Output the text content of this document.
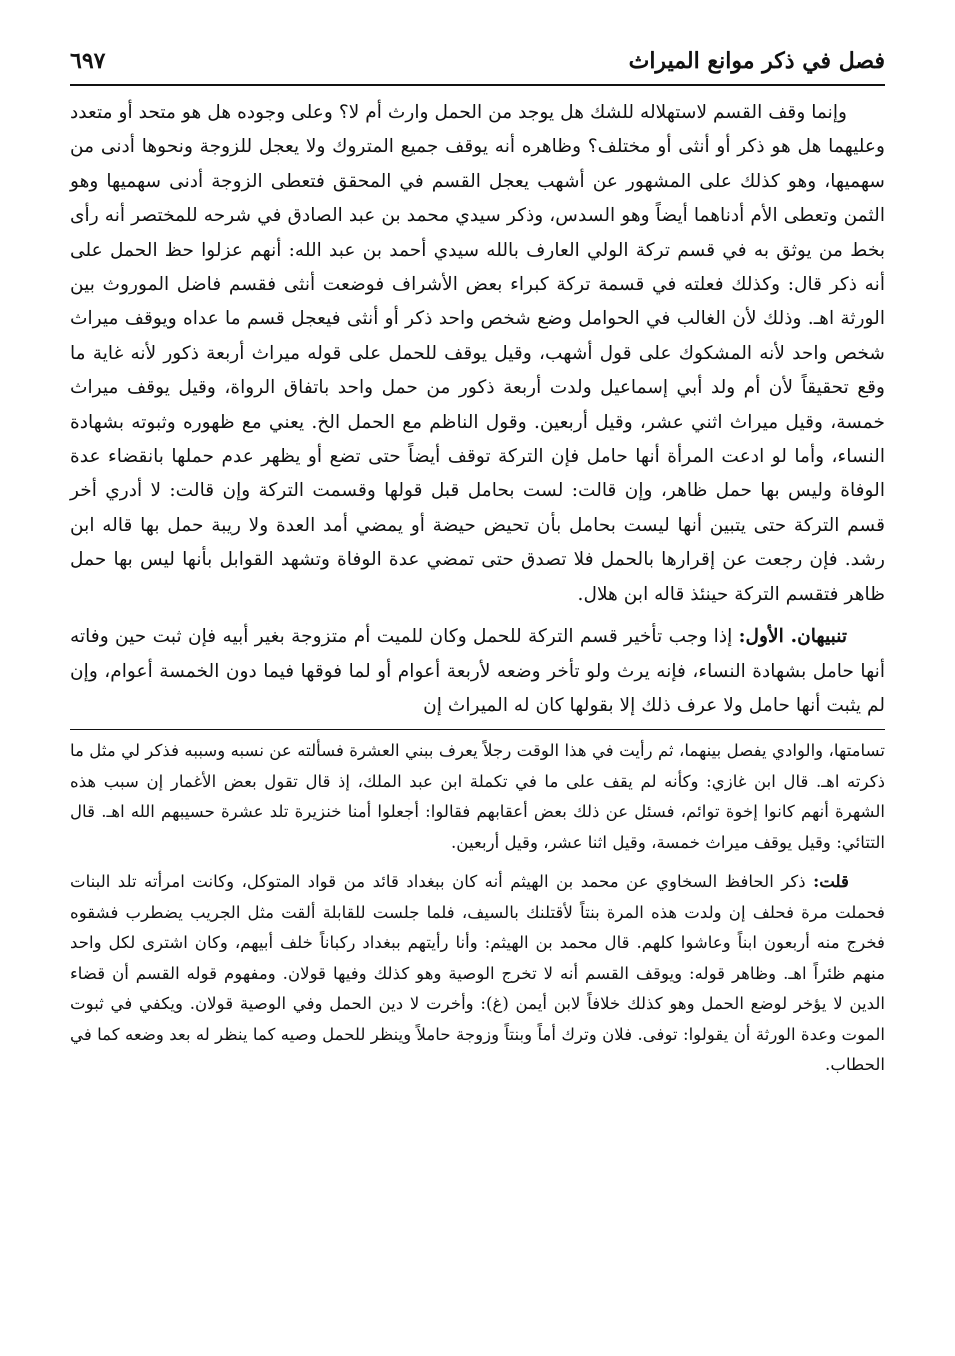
فصل في ذكر موانع الميراث
٦٩٧

وإنما وقف القسم لاستهلاله للشك هل يوجد من الحمل وارث أم لا؟ وعلى وجوده هل هو متحد أو متعدد وعليهما هل هو ذكر أو أنثى أو مختلف؟ وظاهره أنه يوقف جميع المتروك ولا يعجل للزوجة ونحوها أدنى من سهميها، وهو كذلك على المشهور عن أشهب يعجل القسم في المحقق فتعطى الزوجة أدنى سهميها وهو الثمن وتعطى الأم أدناهما أيضاً وهو السدس، وذكر سيدي محمد بن عبد الصادق في شرحه للمختصر أنه رأى بخط من يوثق به في قسم تركة الولي العارف بالله سيدي أحمد بن عبد الله: أنهم عزلوا حظ الحمل على أنه ذكر قال: وكذلك فعلته في قسمة تركة كبراء بعض الأشراف فوضعت أنثى فقسم فاضل الموروث بين الورثة اهـ. وذلك لأن الغالب في الحوامل وضع شخص واحد ذكر أو أنثى فيعجل قسم ما عداه ويوقف ميراث شخص واحد لأنه المشكوك على قول أشهب، وقيل يوقف للحمل على قوله ميراث أربعة ذكور لأنه غاية ما وقع تحقيقاً لأن أم ولد أبي إسماعيل ولدت أربعة ذكور من حمل واحد باتفاق الرواة، وقيل يوقف ميراث خمسة، وقيل ميراث اثني عشر، وقيل أربعين. وقول الناظم مع الحمل الخ. يعني مع ظهوره وثبوته بشهادة النساء، وأما لو ادعت المرأة أنها حامل فإن التركة توقف أيضاً حتى تضع أو يظهر عدم حملها بانقضاء عدة الوفاة وليس بها حمل ظاهر، وإن قالت: لست بحامل قبل قولها وقسمت التركة وإن قالت: لا أدري أخر قسم التركة حتى يتبين أنها ليست بحامل بأن تحيض حيضة أو يمضي أمد العدة ولا ريبة حمل بها قاله ابن رشد. فإن رجعت عن إقرارها بالحمل فلا تصدق حتى تمضي عدة الوفاة وتشهد القوابل بأنها ليس بها حمل ظاهر فتقسم التركة حينئذ قاله ابن هلال.

تنبيهان. الأول: إذا وجب تأخير قسم التركة للحمل وكان للميت أم متزوجة بغير أبيه فإن ثبت حين وفاته أنها حامل بشهادة النساء، فإنه يرث ولو تأخر وضعه لأربعة أعوام أو لما فوقها فيما دون الخمسة أعوام، وإن لم يثبت أنها حامل ولا عرف ذلك إلا بقولها كان له الميراث إن

تسامتها، والوادي يفصل بينهما، ثم رأيت في هذا الوقت رجلاً يعرف ببني العشرة فسألته عن نسبه وسببه فذكر لي مثل ما ذكرته اهـ. قال ابن غازي: وكأنه لم يقف على ما في تكملة ابن عبد الملك، إذ قال تقول بعض الأغمار إن سبب هذه الشهرة أنهم كانوا إخوة توائم، فسئل عن ذلك بعض أعقابهم فقالوا: أجعلوا أمنا خنزيرة تلد عشرة حسيبهم الله اهـ. قال التتائي: وقيل يوقف ميراث خمسة، وقيل اثنا عشر، وقيل أربعين.

قلت: ذكر الحافظ السخاوي عن محمد بن الهيثم أنه كان ببغداد قائد من قواد المتوكل، وكانت امرأته تلد البنات فحملت مرة فحلف إن ولدت هذه المرة بنتاً لأقتلنك بالسيف، فلما جلست للقابلة ألقت مثل الجريب يضطرب فشقوه فخرج منه أربعون ابناً وعاشوا كلهم. قال محمد بن الهيثم: وأنا رأيتهم ببغداد ركباناً خلف أبيهم، وكان اشترى لكل واحد منهم ظئراً اهـ. وظاهر قوله: ويوقف القسم أنه لا تخرج الوصية وهو كذلك وفيها قولان. ومفهوم قوله القسم أن قضاء الدين لا يؤخر لوضع الحمل وهو كذلك خلافاً لابن أيمن (غ): وأخرت لا دين الحمل وفي الوصية قولان. ويكفي في ثبوت الموت وعدة الورثة أن يقولوا: توفى. فلان وترك أماً وبنتاً وزوجة حاملاً وينظر للحمل وصيه كما ينظر له بعد وضعه كما في الحطاب.
